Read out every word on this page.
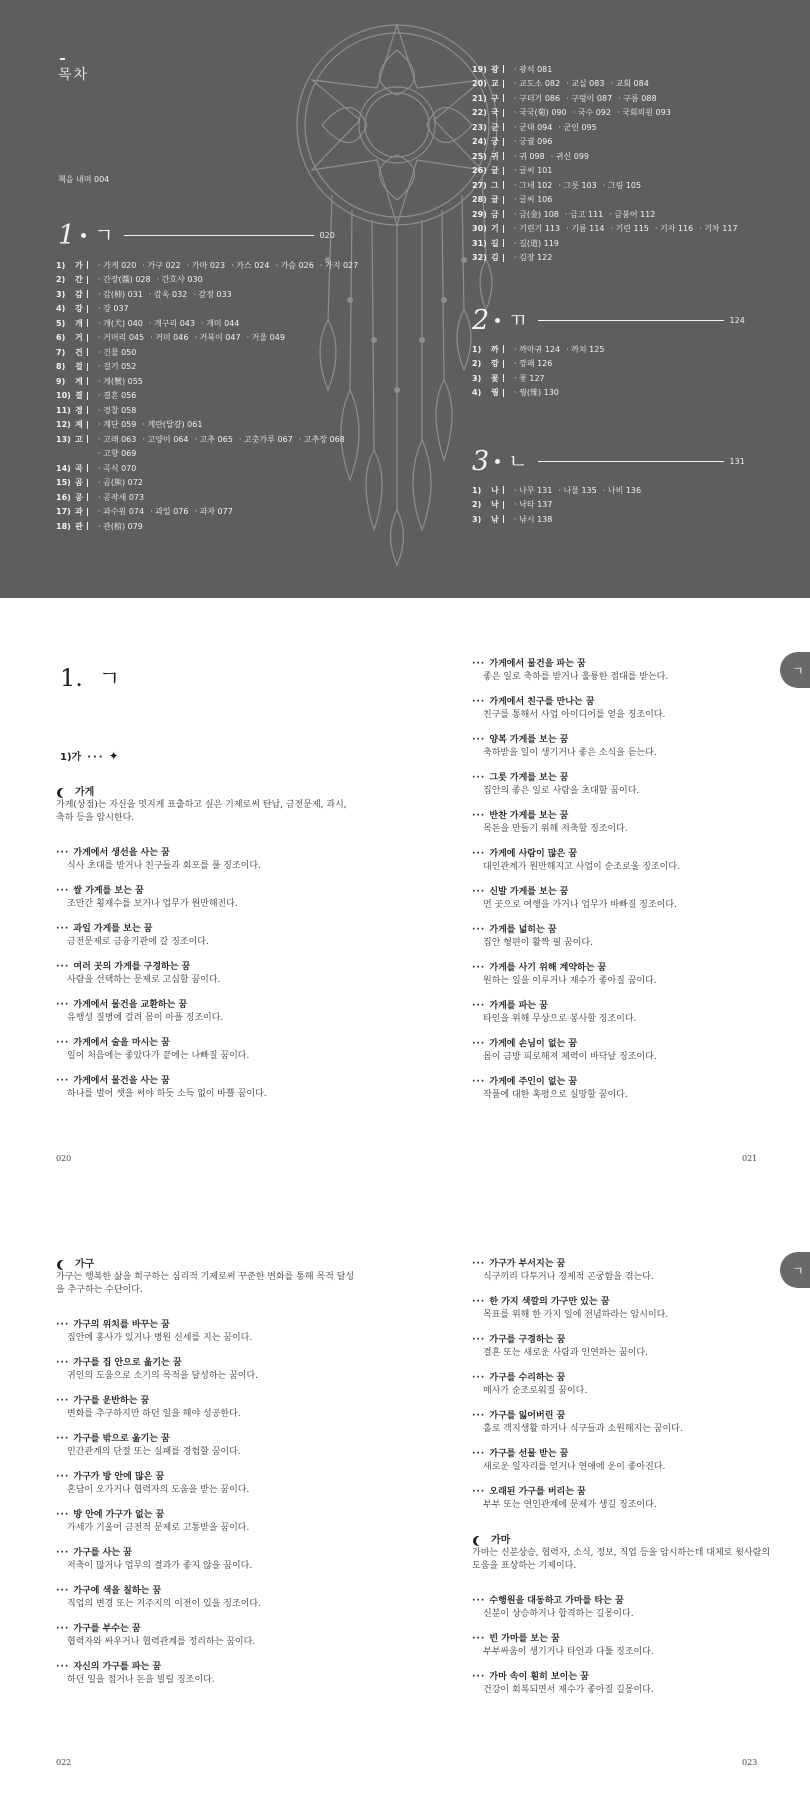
목차
책을 내며 004
1 ㄱ	020
1)	가	· 가게 020	· 가구 022	· 가마 023	· 가스 024	· 가슴 026	· 가지 027
2)	간	· 간장(醬) 028	· 간호사 030
3)	감	· 감(柿) 031	· 감옥 032	· 감정 033
4)	강	· 강 037
5)	개	· 개(犬) 040	· 개구리 043	· 개미 044
6)	거	· 거머리 045	· 거미 046	· 거북이 047	· 거울 049
7)	건	· 건물 050
8)	걸	· 걸기 052
9)	게	· 게(蟹) 055
10) 결	· 결혼 056
11) 경	· 경찰 058
12) 계	· 계단 059	· 계란(달걀) 061
13) 고	· 고래 063	· 고양이 064	· 고추 065	· 고춧가루 067	· 고추장 068
· 고향 069
14) 곡	· 곡식 070
15) 곰	· 곰(熊) 072
16) 공	· 공작새 073
17) 과	· 과수원 074	· 과일 076	· 과자 077
18) 관	· 관(棺) 079
19) 광	· 광석 081
20) 교	· 교도소 082	· 교실 083	· 교회 084
21) 구	· 구더기 086	· 구렁이 087	· 구름 088
22) 국	· 국국(菊) 090	· 국수 092	· 국회의원 093
23) 군	· 군대 094	· 군인 095
24) 궁	· 궁궐 096
25) 귀	· 귀 098	· 귀신 099
26) 글	· 글씨 101
27) 그	· 그네 102	· 그릇 103	· 그림 105
28) 글	· 글씨 106
29) 금	· 금(金) 108	· 금고 111	· 금붕어 112
30) 기	· 기린기 113	· 기름 114	· 기린 115	· 기자 116	· 기차 117
31) 길	· 길(道) 119
32) 김	· 김장 122
2 ㄲ	124
1)	까	· 까마귀 124	· 까치 125
2)	깡	· 깡패 126
3)	꽃	· 꽃 127
4)	꿩	· 꿩(雉) 130
3 ㄴ	131
1)	나	· 나무 131	· 나물 135	· 나비 136
2)	낙	· 낙타 137
3)	낚	· 낚시 138
1. ㄱ
1)가 ··· ✦
가게
가게(상점)는 자신을 멋지게 표출하고 싶은 기제로써 탄납, 금전문제, 과시, 축하 등을 암시한다.
··· 가게에서 생선을 사는 꿈
식사 초대를 받거나 친구들과 회포를 풀 징조이다.
··· 쌀 가게를 보는 꿈
조만간 횡재수를 보거나 업무가 원만해진다.
··· 과일 가게를 보는 꿈
금전문제로 금융기관에 갈 징조이다.
··· 여러 곳의 가게를 구경하는 꿈
사람을 선택하는 문제로 고심할 꿈이다.
··· 가게에서 물건을 교환하는 꿈
유행성 질병에 걸려 몸이 아플 징조이다.
··· 가게에서 술을 마시는 꿈
일이 처음에는 좋았다가 끝에는 나빠질 꿈이다.
··· 가게에서 물건을 사는 꿈
하나를 벌어 셋을 써야 하듯 소득 없이 바쁠 꿈이다.
··· 가게에서 물건을 파는 꿈
좋은 일로 축하를 받거나 훌륭한 접대를 받는다.
··· 가게에서 친구를 만나는 꿈
친구를 통해서 사업 아이디어를 얻을 징조이다.
··· 양복 가게를 보는 꿈
축하받을 일이 생기거나 좋은 소식을 듣는다.
··· 그릇 가게를 보는 꿈
집안의 좋은 일로 사람을 초대할 꿈이다.
··· 반찬 가게를 보는 꿈
목돈을 만들기 위해 저축할 징조이다.
··· 가게에 사람이 많은 꿈
대인관계가 원만해지고 사업이 순조로울 징조이다.
··· 신발 가게를 보는 꿈
먼 곳으로 여행을 가거나 업무가 바빠질 징조이다.
··· 가게를 넓히는 꿈
집안 형편이 활짝 필 꿈이다.
··· 가게를 사기 위해 계약하는 꿈
원하는 일을 이루거나 재수가 좋아질 꿈이다.
··· 가게를 파는 꿈
타인을 위해 무상으로 봉사할 징조이다.
··· 가게에 손님이 없는 꿈
몸이 금방 피로해져 체력이 바닥날 징조이다.
··· 가게에 주인이 없는 꿈
작품에 대한 혹평으로 실망할 꿈이다.
ㄱ
020	021
가구
가구는 행복한 삶을 희구하는 심리적 기제로써 꾸준한 변화를 통해 목적 달성을 추구하는 수단이다.
··· 가구의 위치를 바꾸는 꿈
집안에 홍사가 있거나 병원 신세를 지는 꿈이다.
··· 가구를 집 안으로 옮기는 꿈
귀인의 도움으로 소기의 목적을 달성하는 꿈이다.
··· 가구를 운반하는 꿈
변화를 추구하지만 하던 일을 해야 성공한다.
··· 가구를 밖으로 옮기는 꿈
인간관계의 단절 또는 실패를 경험할 꿈이다.
··· 가구가 방 안에 많은 꿈
혼담이 오가거나 협력자의 도움을 받는 꿈이다.
··· 방 안에 가구가 없는 꿈
가세가 기울어 금전적 문제로 고통받을 꿈이다.
··· 가구를 사는 꿈
저축이 많거나 업무의 결과가 좋지 않을 꿈이다.
··· 가구에 색을 칠하는 꿈
직업의 변경 또는 거주지의 이전이 있을 징조이다.
··· 가구를 부수는 꿈
협력자와 싸우거나 협력관계를 정리하는 꿈이다.
··· 자신의 가구를 파는 꿈
하던 일을 접거나 돈을 빌릴 징조이다.
··· 가구가 부서지는 꿈
식구끼리 다투거나 경제적 곤궁함을 겪는다.
··· 한 가지 색깔의 가구만 있는 꿈
목표를 위해 한 가지 일에 전념하라는 암시이다.
··· 가구를 구경하는 꿈
결혼 또는 새로운 사람과 인연하는 꿈이다.
··· 가구를 수리하는 꿈
매사가 순조로워질 꿈이다.
··· 가구를 잃어버린 꿈
홀로 객지생활 하거나 식구들과 소원해지는 꿈이다.
··· 가구를 선물 받는 꿈
새로운 일자리를 얻거나 연애에 운이 좋아진다.
··· 오래된 가구를 버리는 꿈
부부 또는 연인관계에 문제가 생길 징조이다.
가마
가마는 신분상승, 협력자, 소식, 정보, 직업 등을 암시하는데 대체로 윗사람의 도움을 표상하는 기제이다.
··· 수행원을 대동하고 가마를 타는 꿈
신분이 상승하거나 합격하는 길몽이다.
··· 빈 가마를 보는 꿈
부부싸움이 생기거나 타인과 다툴 징조이다.
··· 가마 속이 훤히 보이는 꿈
건강이 회복되면서 재수가 좋아질 길몽이다.
ㄱ
022	023
